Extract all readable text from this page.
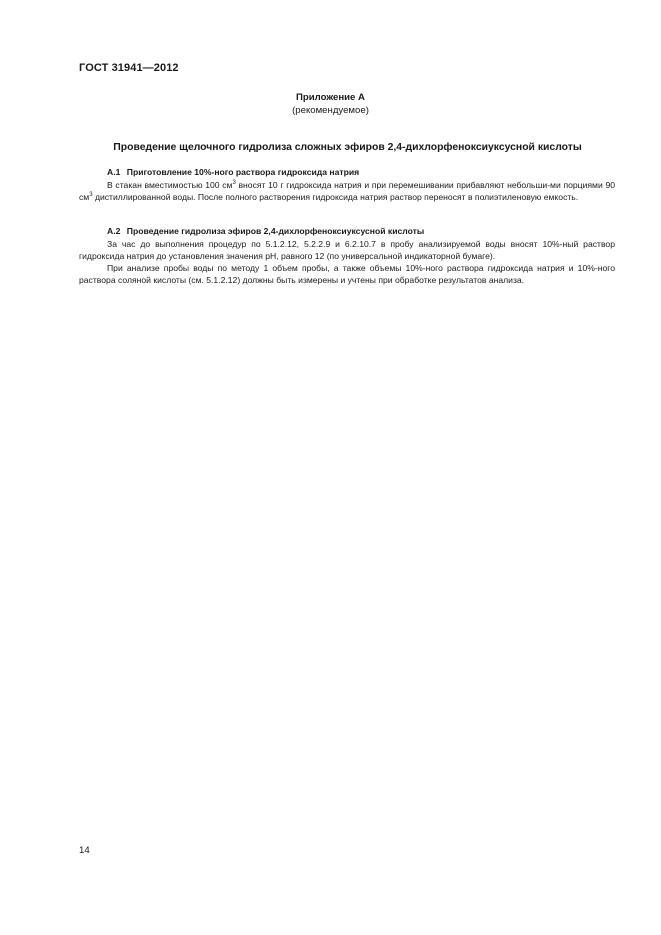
ГОСТ 31941—2012
Приложение А
(рекомендуемое)
Проведение щелочного гидролиза сложных эфиров 2,4-дихлорфеноксиуксусной кислоты
А.1 Приготовление 10%-ного раствора гидроксида натрия

В стакан вместимостью 100 $см^3$ вносят 10 г гидроксида натрия и при перемешивании прибавляют небольши-ми порциями 90 $см^3$ дистиллированной воды. После полного растворения гидроксида натрия раствор переносят в полиэтиленовую емкость.

А.2 Проведение гидролиза эфиров 2,4-дихлорфеноксиуксусной кислоты

За час до выполнения процедур по 5.1.2.12, 5.2.2.9 и 6.2.10.7 в пробу анализируемой воды вносят 10%-ный раствор гидроксида натрия до установления значения pH, равного 12 (по универсальной индикаторной бумаге).

При анализе пробы воды по методу 1 объем пробы, а также объемы 10%-ного раствора гидроксида натрия и 10%-ного раствора соляной кислоты (см. 5.1.2.12) должны быть измерены и учтены при обработке результатов анализа.

14
